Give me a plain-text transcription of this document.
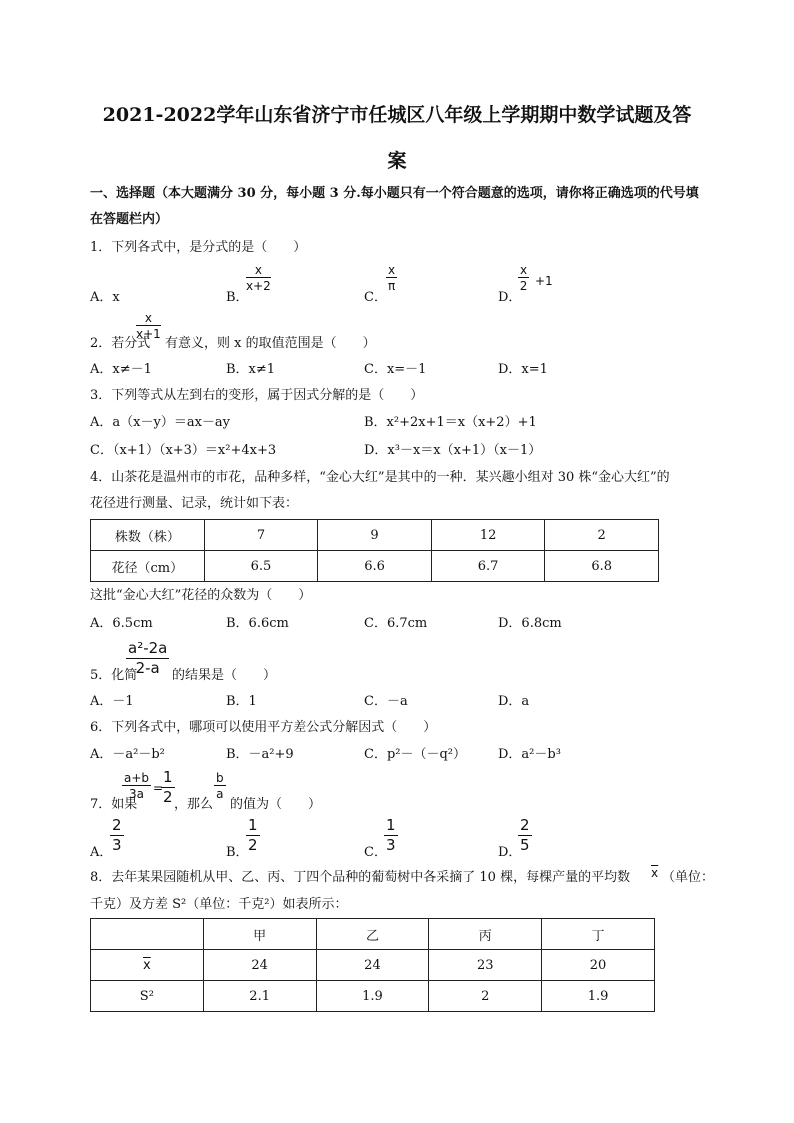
2021-2022学年山东省济宁市任城区八年级上学期期中数学试题及答
案
一、选择题（本大题满分 30 分，每小题 3 分.每小题只有一个符合题意的选项，请你将正确选项的代号填
在答题栏内）
1．下列各式中，是分式的是（　　）
A．x	B．
$\frac{x}{x+2}$
C．
$\frac{x}{\pi}$
D．
$\frac{x}{2} +1$
2．若分式
$\frac{x}{x+1}$
有意义，则 x 的取值范围是（　　）
A．x≠－1	B．x≠1	C．x=－1	D．x=1
3．下列等式从左到右的变形，属于因式分解的是（　　）
A．a（x－y）＝ax－ay	B．x²+2x+1＝x（x+2）+1
C．（x+1）（x+3）＝x²+4x+3	D．x³－x＝x（x+1）（x－1）
4．山茶花是温州市的市花，品种多样，“金心大红”是其中的一种．某兴趣小组对 30 株“金心大红”的
花径进行测量、记录，统计如下表：
株数（株）	7	9	12	2
花径（cm）	6.5	6.6	6.7	6.8
这批“金心大红”花径的众数为（　　）
A．6.5cm	B．6.6cm	C．6.7cm	D．6.8cm
5．化简
$\frac{\text{a²-2a}}{2-a}$ 的结果是（　　）
A．－1	B．1	C．－a	D．a
6．下列各式中，哪项可以使用平方差公式分解因式（　　）
A．－a²－b²	B．－a²+9	C．p²－（－q²） D．a²－b³
7．如果
$\frac{a+b}{3a}$ =
$\frac{1}{2}$ ，那么
$\frac{b}{a}$
的值为（　　）
A．
$\frac{2}{3}$	B．
$\frac{1}{2}$	C．
$\frac{1}{3}$	D．
$\frac{2}{5}$
8．去年某果园随机从甲、乙、丙、丁四个品种的葡萄树中各采摘了 10 棵，每棵产量的平均数 $\overline{x}$ （单位：
千克）及方差 S²（单位：千克²）如表所示：
	甲	乙	丙	丁
$\overline{x}$	24	24	23	20
S²	2.1	1.9	2	1.9
